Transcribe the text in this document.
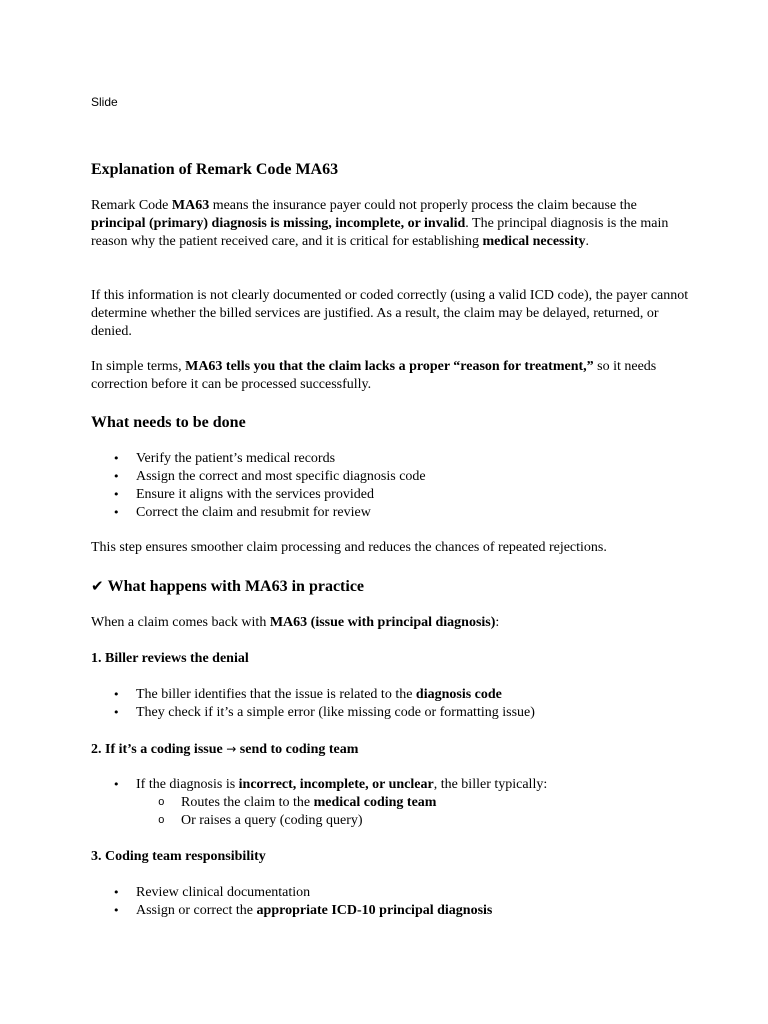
Slide
Explanation of Remark Code MA63

Remark Code MA63 means the insurance payer could not properly process the claim because the principal (primary) diagnosis is missing, incomplete, or invalid. The principal diagnosis is the main reason why the patient received care, and it is critical for establishing medical necessity.

If this information is not clearly documented or coded correctly (using a valid ICD code), the payer cannot determine whether the billed services are justified. As a result, the claim may be delayed, returned, or denied.

In simple terms, MA63 tells you that the claim lacks a proper “reason for treatment,” so it needs correction before it can be processed successfully.

What needs to be done
• Verify the patient’s medical records
• Assign the correct and most specific diagnosis code
• Ensure it aligns with the services provided
• Correct the claim and resubmit for review

This step ensures smoother claim processing and reduces the chances of repeated rejections.

✔ What happens with MA63 in practice

When a claim comes back with MA63 (issue with principal diagnosis):

1. Biller reviews the denial
• The biller identifies that the issue is related to the diagnosis code
• They check if it’s a simple error (like missing code or formatting issue)
2. If it’s a coding issue → send to coding team
• If the diagnosis is incorrect, incomplete, or unclear, the biller typically:
o Routes the claim to the medical coding team
o Or raises a query (coding query)
3. Coding team responsibility
• Review clinical documentation
• Assign or correct the appropriate ICD-10 principal diagnosis
